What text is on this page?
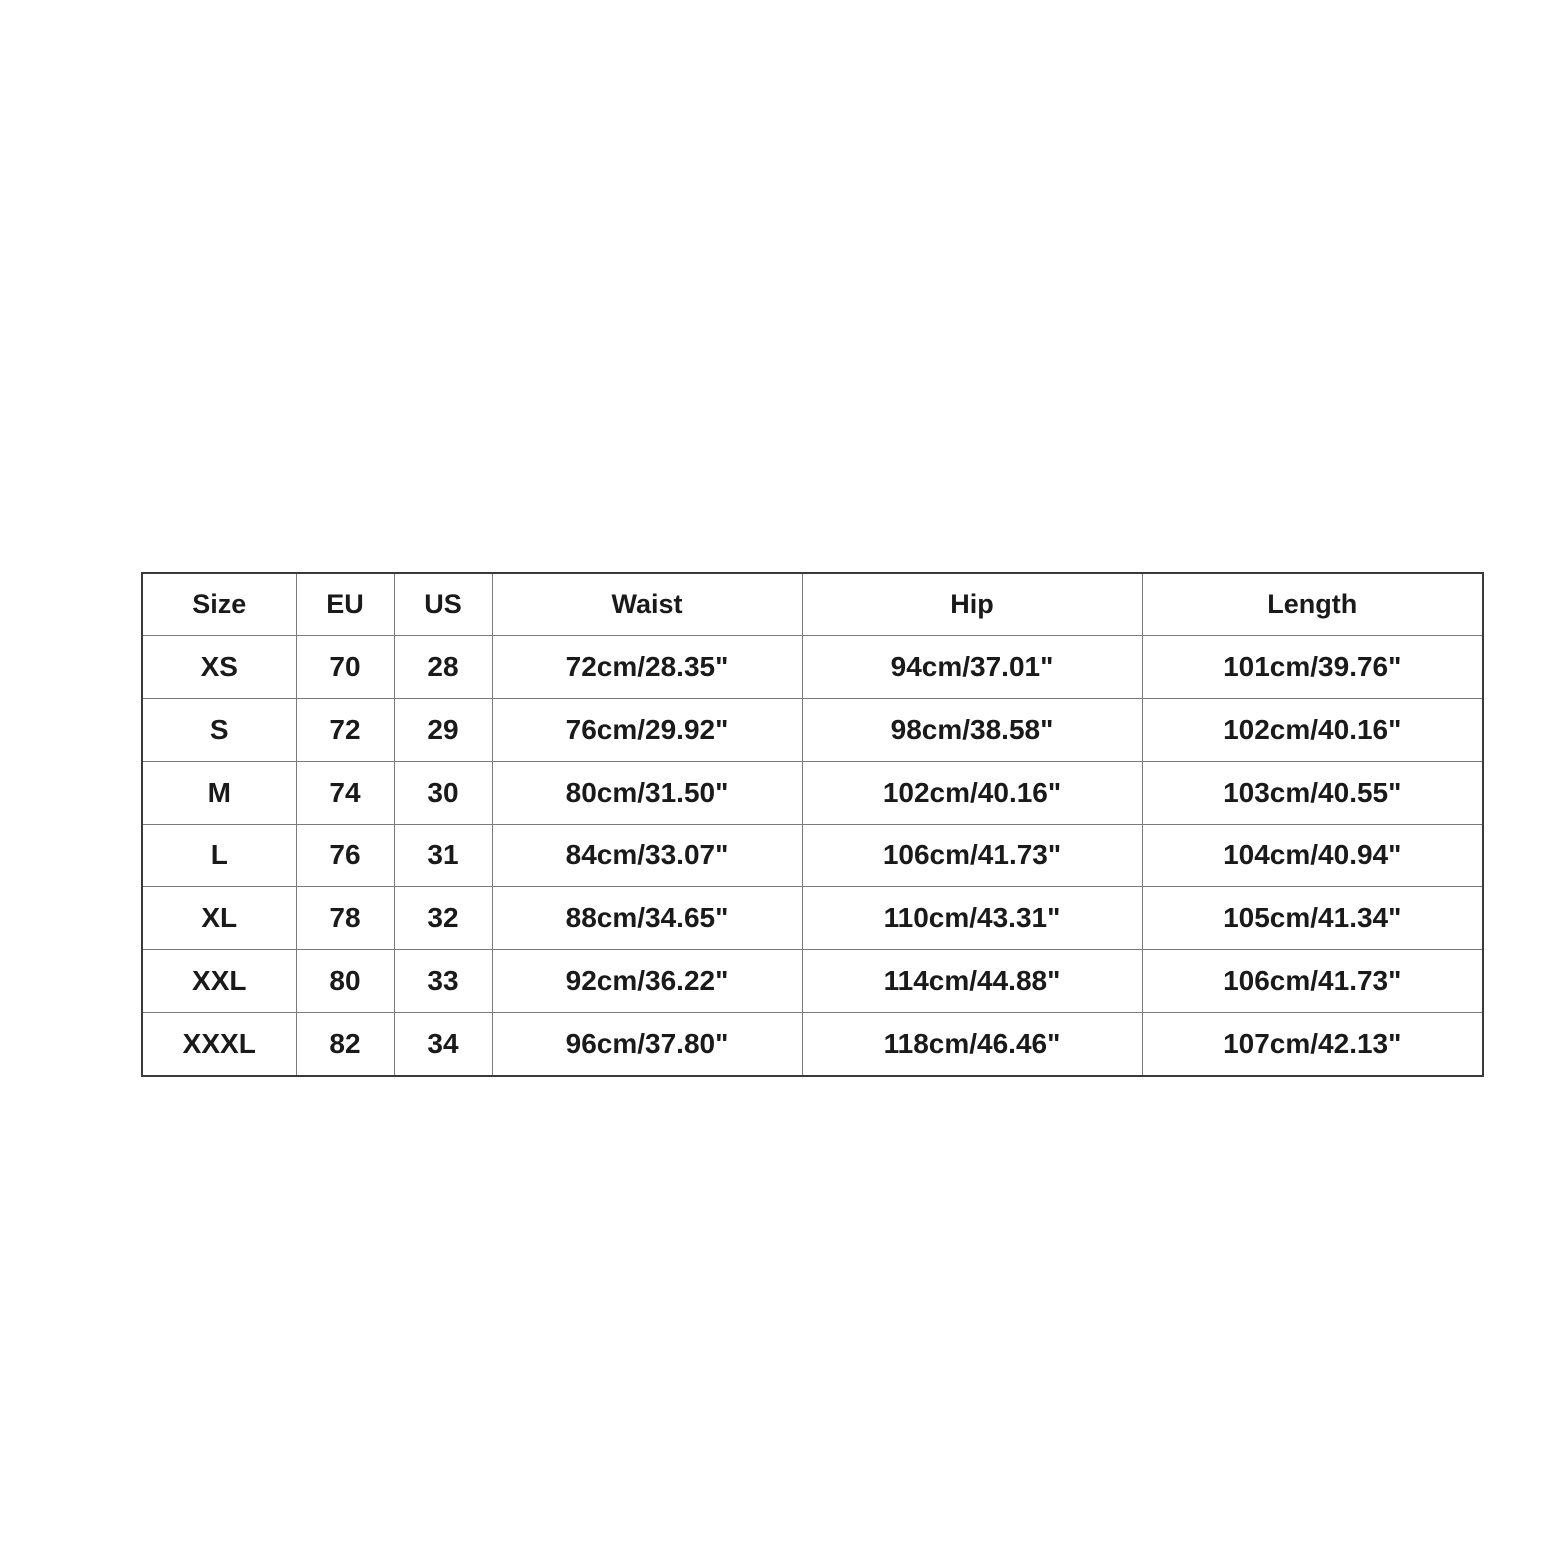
Size	EU	US	Waist	Hip	Length
XS	70	28	72cm/28.35"	94cm/37.01"	101cm/39.76"
S	72	29	76cm/29.92"	98cm/38.58"	102cm/40.16"
M	74	30	80cm/31.50"	102cm/40.16"	103cm/40.55"
L	76	31	84cm/33.07"	106cm/41.73"	104cm/40.94"
XL	78	32	88cm/34.65"	110cm/43.31"	105cm/41.34"
XXL	80	33	92cm/36.22"	114cm/44.88"	106cm/41.73"
XXXL	82	34	96cm/37.80"	118cm/46.46"	107cm/42.13"
